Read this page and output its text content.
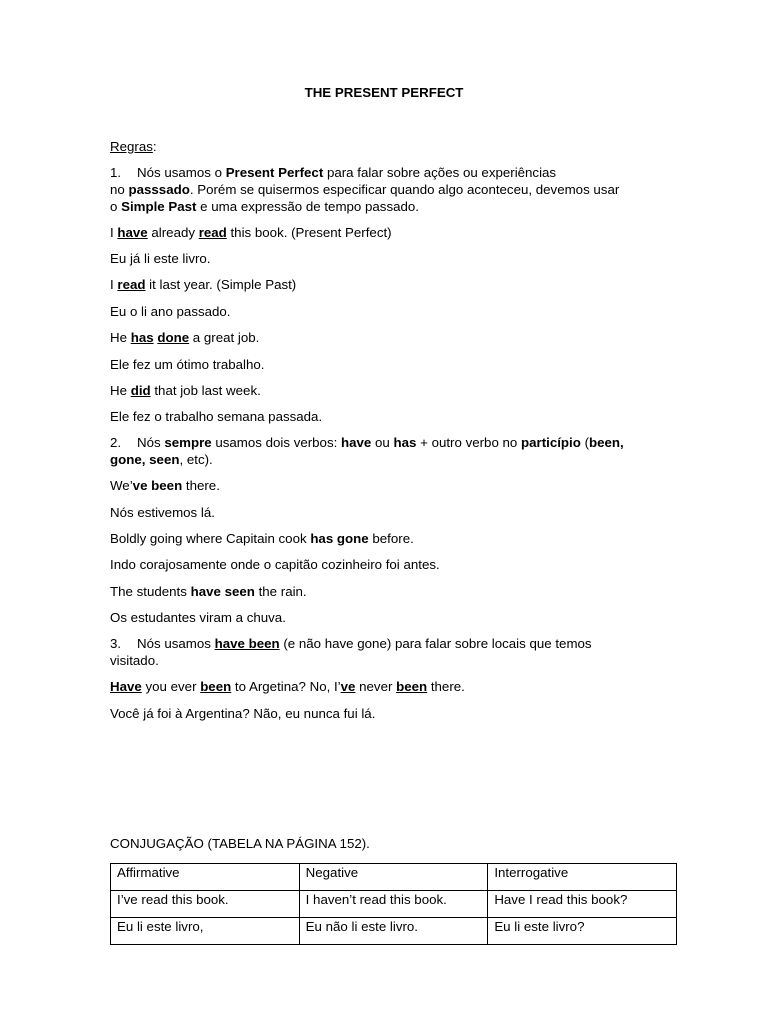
THE PRESENT PERFECT
Regras:
1. Nós usamos o Present Perfect para falar sobre ações ou experiências
no passsado. Porém se quisermos especificar quando algo aconteceu, devemos usar
o Simple Past e uma expressão de tempo passado.
I have already read this book. (Present Perfect)
Eu já li este livro.
I read it last year. (Simple Past)
Eu o li ano passado.
He has done a great job.
Ele fez um ótimo trabalho.
He did that job last week.
Ele fez o trabalho semana passada.
2. Nós sempre usamos dois verbos: have ou has + outro verbo no particípio (been,
gone, seen, etc).
We’ve been there.
Nós estivemos lá.
Boldly going where Capitain cook has gone before.
Indo corajosamente onde o capitão cozinheiro foi antes.
The students have seen the rain.
Os estudantes viram a chuva.
3. Nós usamos have been (e não have gone) para falar sobre locais que temos
visitado.
Have you ever been to Argetina? No, I’ve never been there.
Você já foi à Argentina? Não, eu nunca fui lá.
CONJUGAÇÃO (TABELA NA PÁGINA 152).
Affirmative	Negative	Interrogative
I’ve read this book.	I haven’t read this book.	Have I read this book?
Eu li este livro,	Eu não li este livro.	Eu li este livro?
